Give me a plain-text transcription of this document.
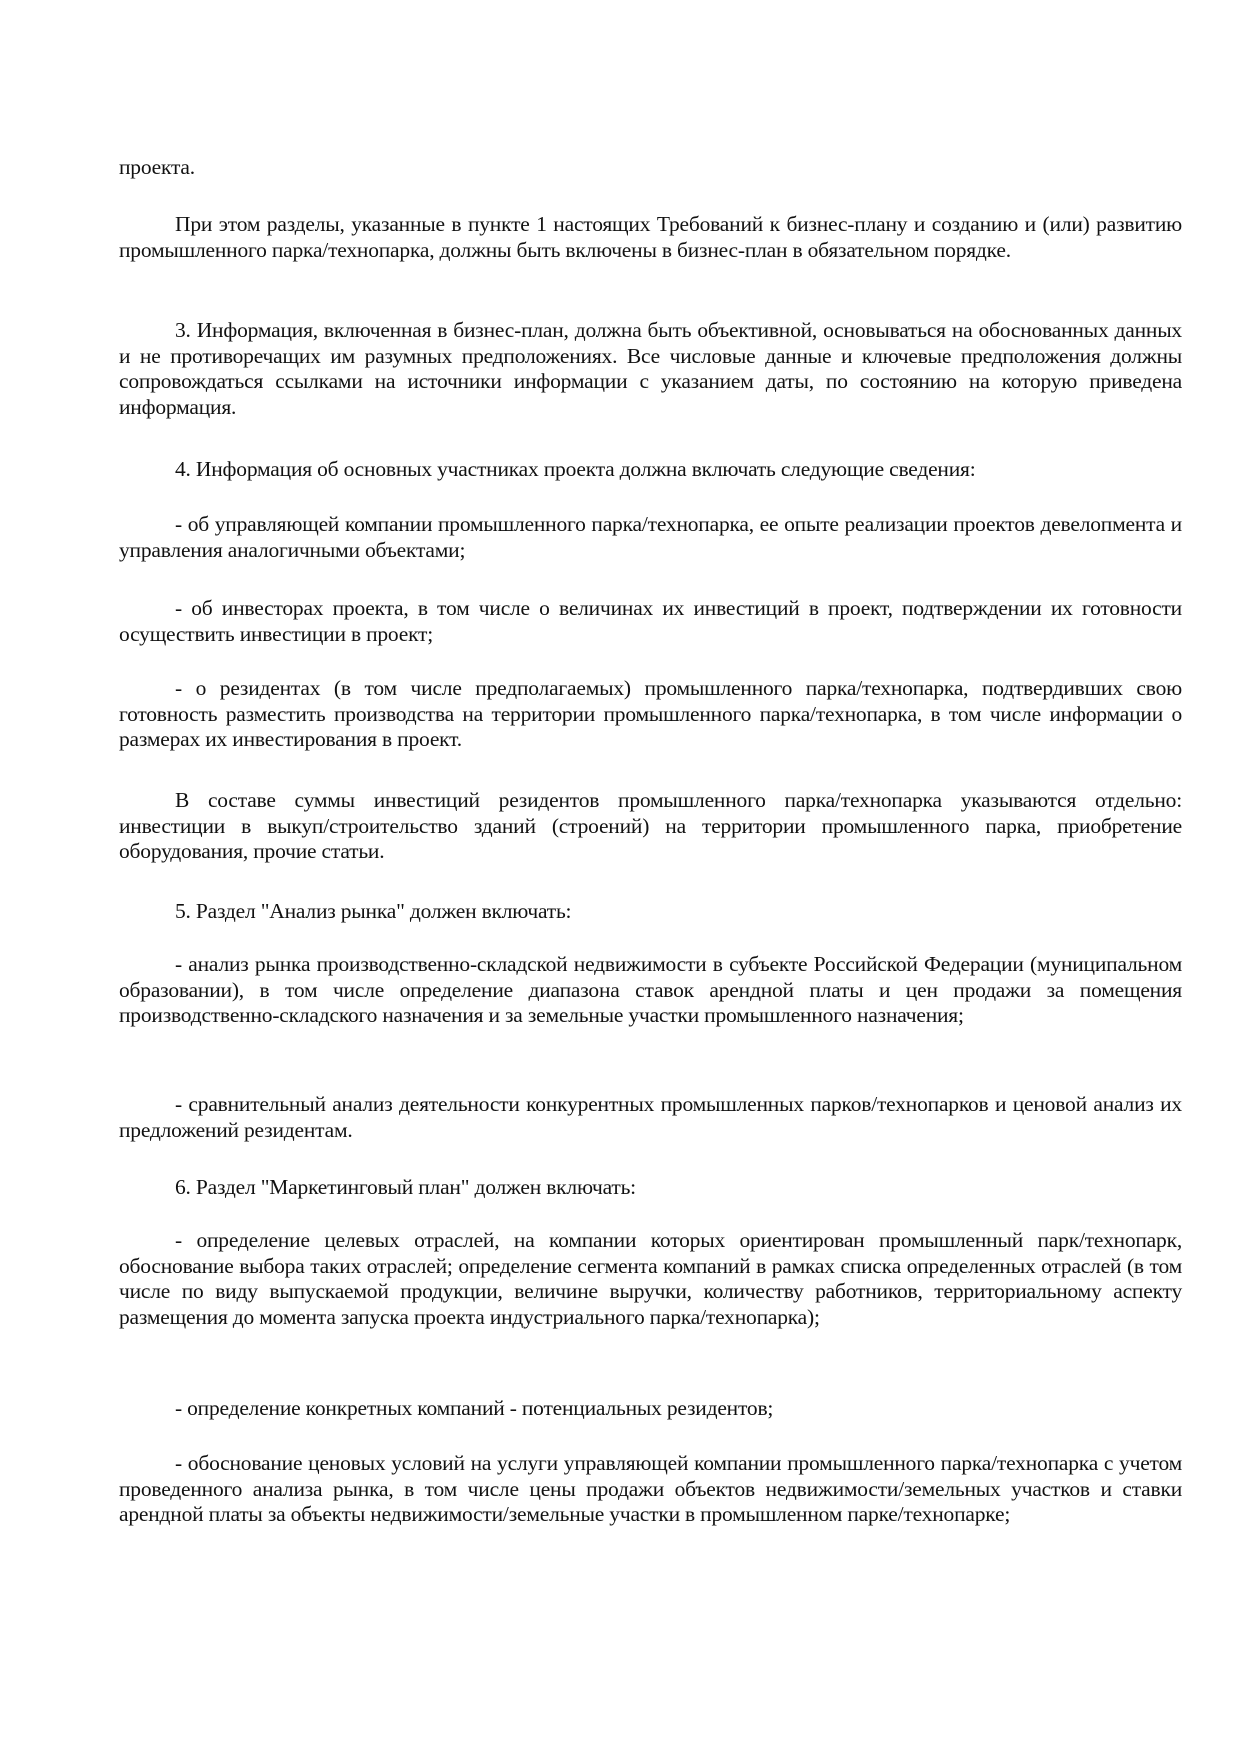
проекта.

При этом разделы, указанные в пункте 1 настоящих Требований к бизнес-плану и созданию и (или) развитию промышленного парка/технопарка, должны быть включены в бизнес-план в обязательном порядке.

3. Информация, включенная в бизнес-план, должна быть объективной, основываться на обоснованных данных и не противоречащих им разумных предположениях. Все числовые данные и ключевые предположения должны сопровождаться ссылками на источники информации с указанием даты, по состоянию на которую приведена информация.

4. Информация об основных участниках проекта должна включать следующие сведения:

- об управляющей компании промышленного парка/технопарка, ее опыте реализации проектов девелопмента и управления аналогичными объектами;

- об инвесторах проекта, в том числе о величинах их инвестиций в проект, подтверждении их готовности осуществить инвестиции в проект;

- о резидентах (в том числе предполагаемых) промышленного парка/технопарка, подтвердивших свою готовность разместить производства на территории промышленного парка/технопарка, в том числе информации о размерах их инвестирования в проект.

В составе суммы инвестиций резидентов промышленного парка/технопарка указываются отдельно: инвестиции в выкуп/строительство зданий (строений) на территории промышленного парка, приобретение оборудования, прочие статьи.

5. Раздел "Анализ рынка" должен включать:

- анализ рынка производственно-складской недвижимости в субъекте Российской Федерации (муниципальном образовании), в том числе определение диапазона ставок арендной платы и цен продажи за помещения производственно-складского назначения и за земельные участки промышленного назначения;

- сравнительный анализ деятельности конкурентных промышленных парков/технопарков и ценовой анализ их предложений резидентам.

6. Раздел "Маркетинговый план" должен включать:

- определение целевых отраслей, на компании которых ориентирован промышленный парк/технопарк, обоснование выбора таких отраслей; определение сегмента компаний в рамках списка определенных отраслей (в том числе по виду выпускаемой продукции, величине выручки, количеству работников, территориальному аспекту размещения до момента запуска проекта индустриального парка/технопарка);

- определение конкретных компаний - потенциальных резидентов;

- обоснование ценовых условий на услуги управляющей компании промышленного парка/технопарка с учетом проведенного анализа рынка, в том числе цены продажи объектов недвижимости/земельных участков и ставки арендной платы за объекты недвижимости/земельные участки в промышленном парке/технопарке;
